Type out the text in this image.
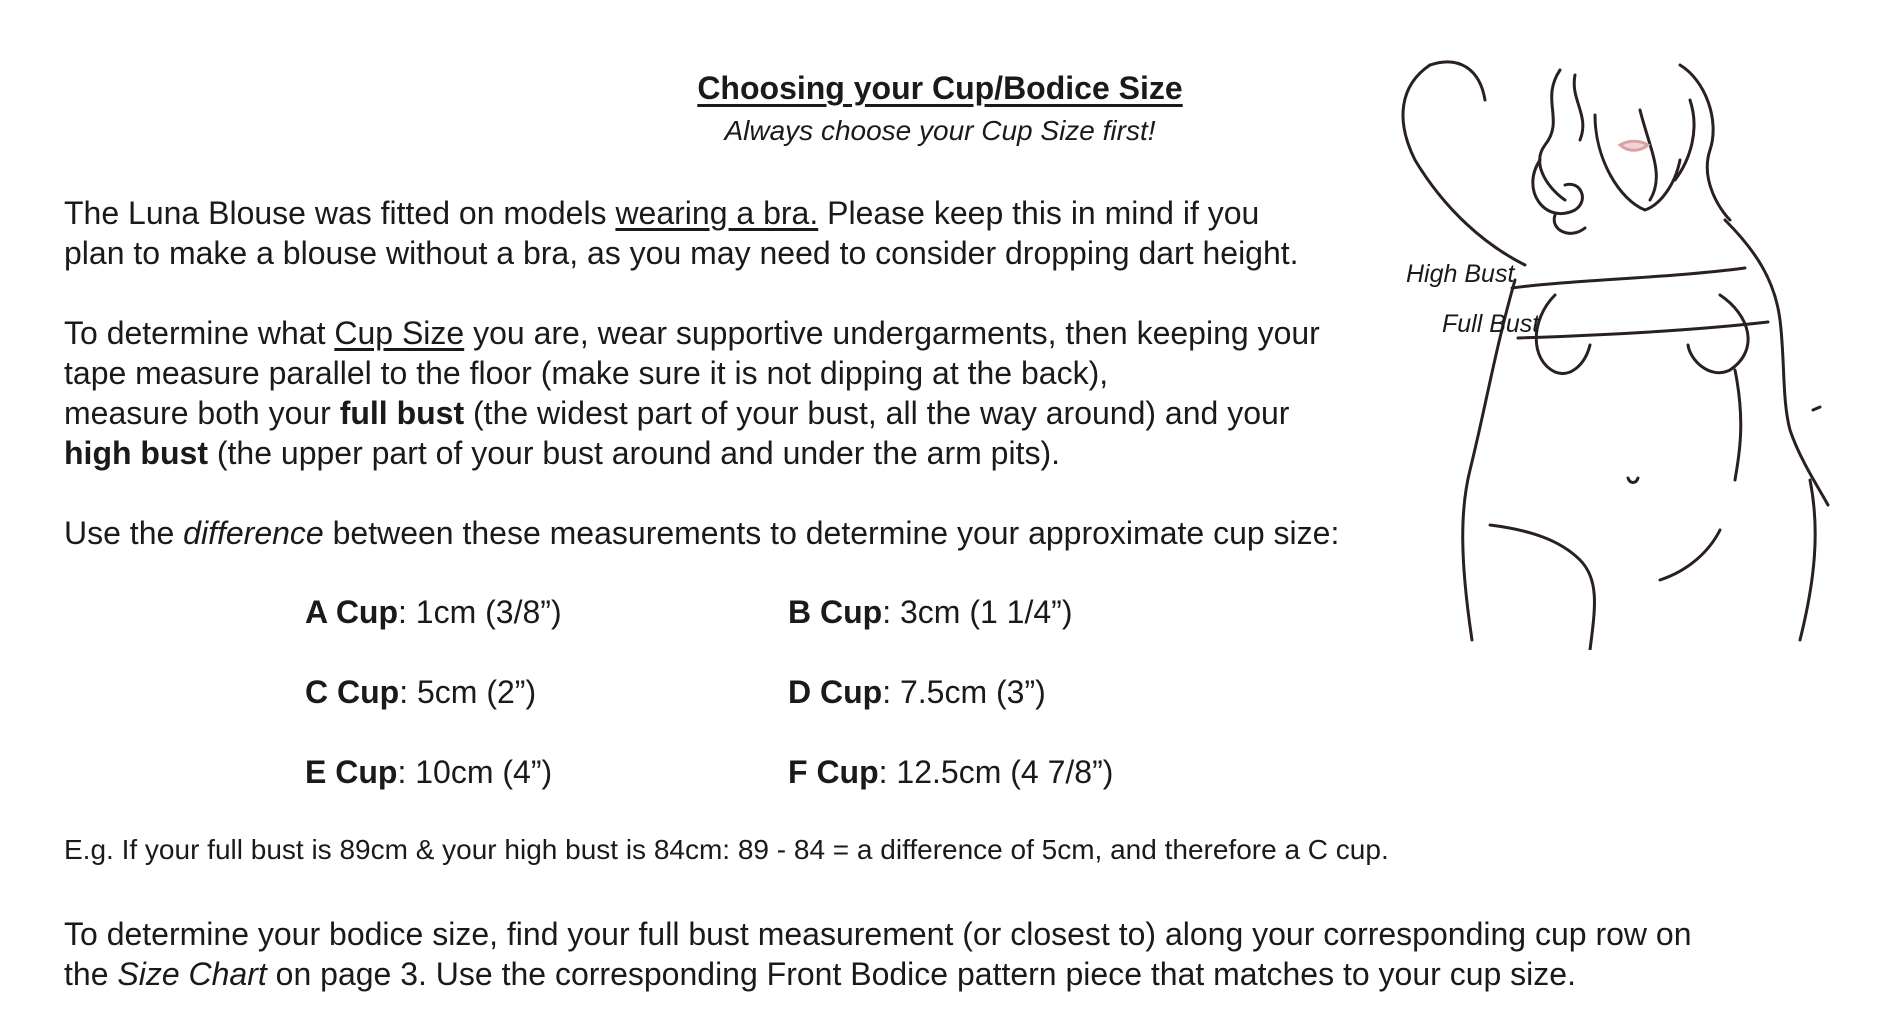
Choosing your Cup/Bodice Size
Always choose your Cup Size first!
The Luna Blouse was fitted on models wearing a bra. Please keep this in mind if you
plan to make a blouse without a bra, as you may need to consider dropping dart height.
To determine what Cup Size you are, wear supportive undergarments, then keeping your
tape measure parallel to the floor (make sure it is not dipping at the back),
measure both your full bust (the widest part of your bust, all the way around) and your
high bust (the upper part of your bust around and under the arm pits).
Use the difference between these measurements to determine your approximate cup size:
A Cup: 1cm (3/8”)	B Cup: 3cm (1 1/4”)
C Cup: 5cm (2”)	D Cup: 7.5cm (3”)
E Cup: 10cm (4”)	F Cup: 12.5cm (4 7/8”)
E.g. If your full bust is 89cm & your high bust is 84cm: 89 - 84 = a difference of 5cm, and therefore a C cup.
To determine your bodice size, find your full bust measurement (or closest to) along your corresponding cup row on
the Size Chart on page 3. Use the corresponding Front Bodice pattern piece that matches to your cup size.
High Bust
Full Bust
